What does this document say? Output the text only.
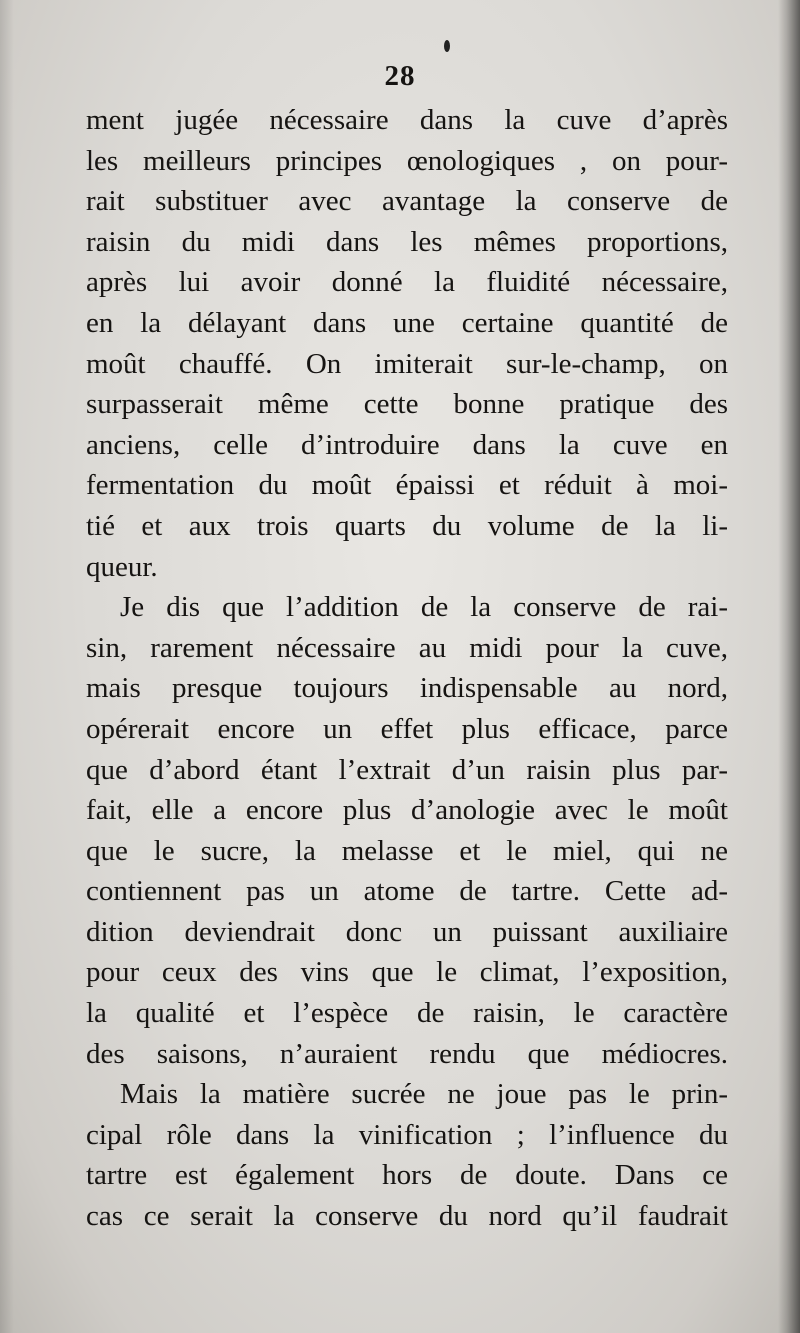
28
ment jugée nécessaire dans la cuve d’après
les meilleurs principes œnologiques , on pour-
rait substituer avec avantage la conserve de
raisin du midi dans les mêmes proportions,
après lui avoir donné la fluidité nécessaire,
en la délayant dans une certaine quantité de
moût chauffé. On imiterait sur-le-champ, on
surpasserait même cette bonne pratique des
anciens, celle d’introduire dans la cuve en
fermentation du moût épaissi et réduit à moi-
tié et aux trois quarts du volume de la li-
queur.
Je dis que l’addition de la conserve de rai-
sin, rarement nécessaire au midi pour la cuve,
mais presque toujours indispensable au nord,
opérerait encore un effet plus efficace, parce
que d’abord étant l’extrait d’un raisin plus par-
fait, elle a encore plus d’anologie avec le moût
que le sucre, la melasse et le miel, qui ne
contiennent pas un atome de tartre. Cette ad-
dition deviendrait donc un puissant auxiliaire
pour ceux des vins que le climat, l’exposition,
la qualité et l’espèce de raisin, le caractère
des saisons, n’auraient rendu que médiocres.
Mais la matière sucrée ne joue pas le prin-
cipal rôle dans la vinification ; l’influence du
tartre est également hors de doute. Dans ce
cas ce serait la conserve du nord qu’il faudrait
